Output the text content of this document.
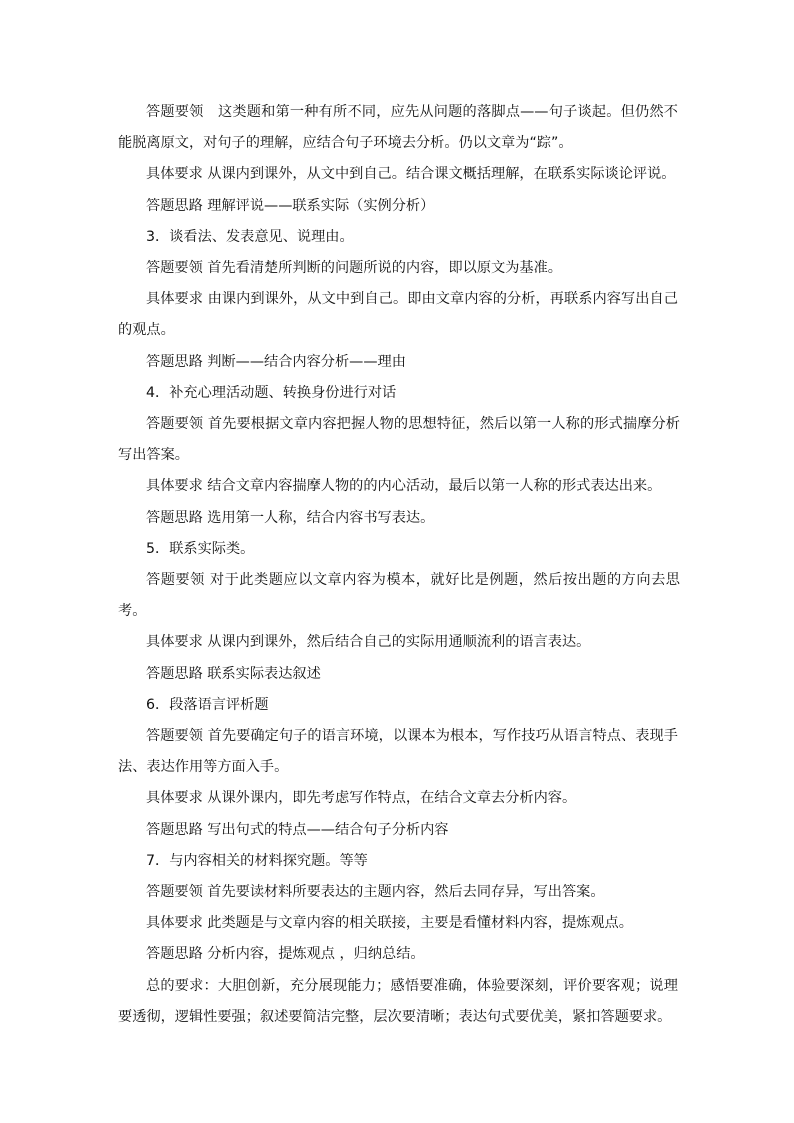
答题要领　这类题和第一种有所不同，应先从问题的落脚点——句子谈起。但仍然不能脱离原文，对句子的理解，应结合句子环境去分析。仍以文章为“踪”。

具体要求 从课内到课外，从文中到自己。结合课文概括理解，在联系实际谈论评说。

答题思路 理解评说——联系实际（实例分析）

3．谈看法、发表意见、说理由。

答题要领 首先看清楚所判断的问题所说的内容，即以原文为基准。

具体要求 由课内到课外，从文中到自己。即由文章内容的分析，再联系内容写出自己的观点。

答题思路 判断——结合内容分析——理由

4．补充心理活动题、转换身份进行对话

答题要领 首先要根据文章内容把握人物的思想特征，然后以第一人称的形式揣摩分析写出答案。

具体要求 结合文章内容揣摩人物的的内心活动，最后以第一人称的形式表达出来。

答题思路 选用第一人称，结合内容书写表达。

5．联系实际类。

答题要领 对于此类题应以文章内容为模本，就好比是例题，然后按出题的方向去思考。

具体要求 从课内到课外，然后结合自己的实际用通顺流利的语言表达。

答题思路 联系实际表达叙述

6．段落语言评析题

答题要领 首先要确定句子的语言环境，以课本为根本，写作技巧从语言特点、表现手法、表达作用等方面入手。

具体要求 从课外课内，即先考虑写作特点，在结合文章去分析内容。

答题思路 写出句式的特点——结合句子分析内容

7．与内容相关的材料探究题。等等

答题要领 首先要读材料所要表达的主题内容，然后去同存异，写出答案。

具体要求 此类题是与文章内容的相关联接，主要是看懂材料内容，提炼观点。

答题思路 分析内容，提炼观点 ，归纳总结。

总的要求：大胆创新，充分展现能力；感悟要准确，体验要深刻，评价要客观；说理要透彻，逻辑性要强；叙述要简洁完整，层次要清晰；表达句式要优美，紧扣答题要求。
